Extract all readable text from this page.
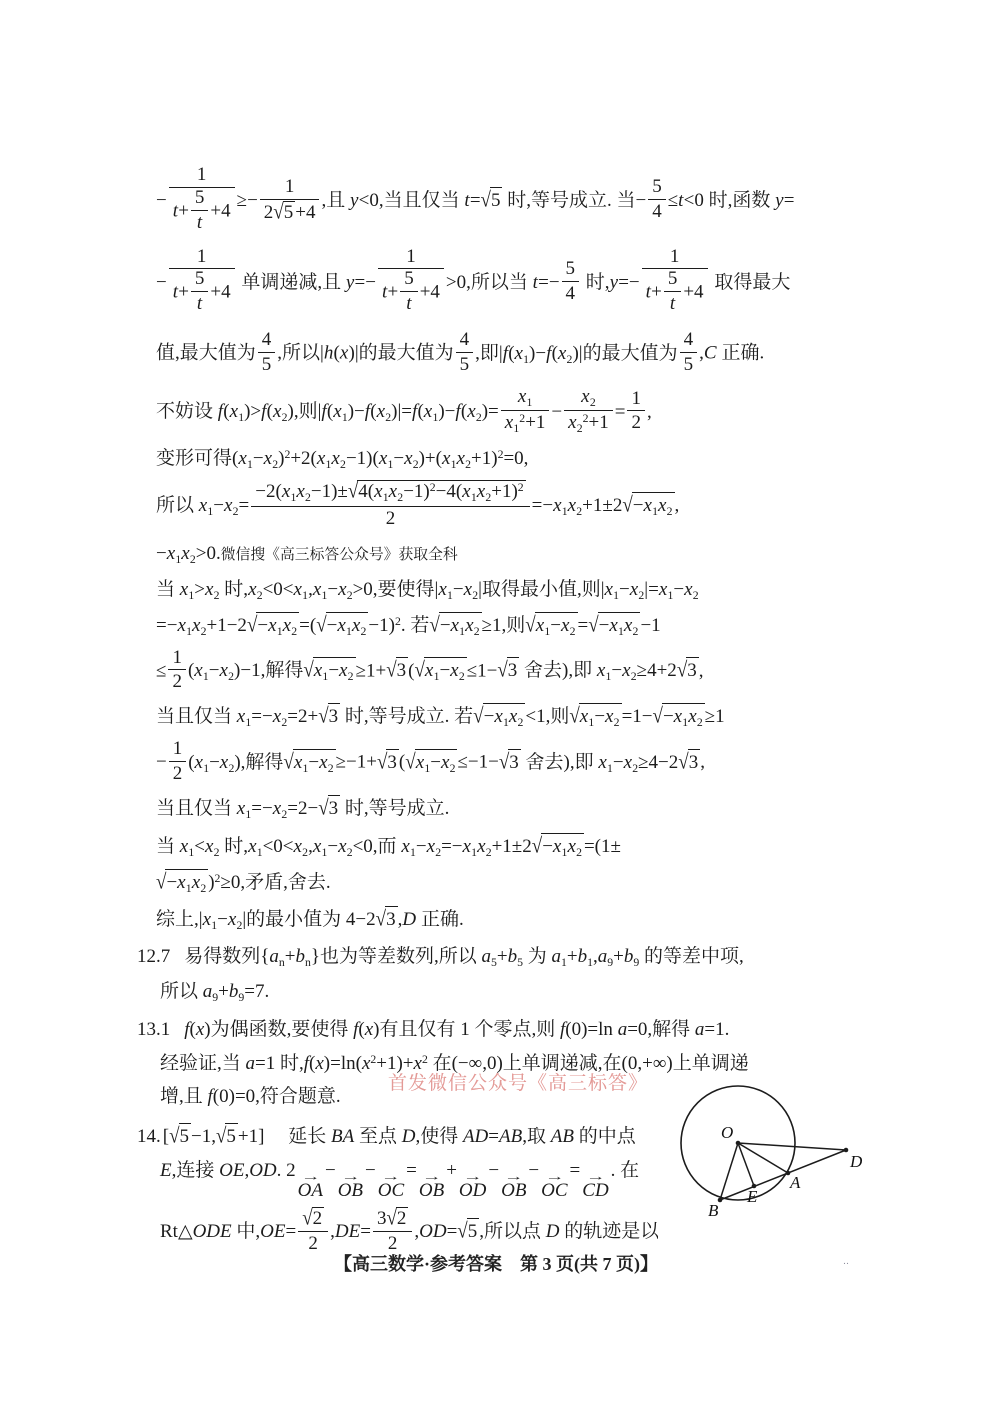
− $\frac{1}{t+ \frac{5}{t} +4} \ge- \frac{1}{2√5 +4}$ ,且 y<0,当且仅当 t=√5 时,等号成立. 当− $\frac{5}{4} \le t<0$ 时,函数 y=
− $\frac{1}{t+ \frac{5}{t} +4}$ 单调递减,且 $y=- \frac{1}{t+ \frac{5}{t} +4} >0$,所以当 $t=- \frac{5}{4}$ 时$,y=- \frac{1}{t+ \frac{5}{t} +4}$ 取得最大
值,最大值为 $\frac{4}{5}$ ,所以|h(x)|的最大值为 $\frac{4}{5}$ ,即$|f(x_1)-f(x_2)|$的最大值为 $\frac{4}{5} ,C$ 正确.
不妨设 $f(x_1)>f(x_2)$,则$|f(x_1)-f(x_2)|=f(x_1)-f(x_2)= \frac{x_1}{x_1^2+1} - \frac{x_2}{x_2^2+1} = \frac{1}{2}$ ,
变形可得$(x_1-x_2)^2+2(x_1x_2-1)(x_1-x_2)+(x_1x_2+1)^2=0$,
所以 $x_1-x_2= \frac{-2(x_1x_2-1)\pm√4(x_1x_2-1)^2-4(x_1x_2+1)^2}{2} =-x_1x_2+1\pm 2√-x_1x_2$ ,
$-x_1x_2>0$.微信搜《高三标答公众号》获取全科
当 $x_1>x_2$ 时$,x_2<0<x_1,x_1-x_2>0$,要使得$|x_1-x_2|$取得最小值,则$|x_1-x_2|=x_1-x_2$
$=-x_1x_2+1-2√-x_1x_2 =(√-x_1x_2 -1)^2$. 若$√-x_1x_2 \ge 1$,则$√x_1-x_2 =√-x_1x_2 -1$
≤ $\frac{1}{2} (x_1-x_2)-1$,解得$√x_1-x_2 \ge 1+√3$ ($√x_1-x_2 \le 1-√3$ 舍去),即 $x_1-x_2\ge 4+2√3$ ,
当且仅当 $x_1=-x_2=2+√3$ 时,等号成立. 若$√-x_1x_2 <1$,则$√x_1-x_2 =1-√-x_1x_2 \ge 1$
− $\frac{1}{2} (x_1-x_2)$,解得$√x_1-x_2 \ge-1+√3$ ($√x_1-x_2 \le-1-√3$ 舍去),即 $x_1-x_2\ge 4-2√3$ ,
当且仅当 $x_1=-x_2=2-√3$ 时,等号成立.
当 $x_1<x_2$ 时$,x_1<0<x_2,x_1-x_2<0$,而 $x_1-x_2=-x_1x_2+1\pm 2√-x_1x_2 =(1\pm$
$√-x_1x_2$ )$^2$≥0,矛盾,舍去.
综上$,|x_1-x_2|$的最小值为 4−2√3 ,D 正确.
12.7 易得数列$\{a_n+b_n\}$也为等差数列,所以 $a_5+b_5$ 为 $a_1+b_1,a_9+b_9$ 的等差中项,
所以 $a_9+b_9=7$.
13.1 f(x)为偶函数,要使得 f(x)有且仅有 1 个零点,则 f(0)=ln a=0,解得 a=1.
经验证,当 a=1 时$,f(x)=\ln(x^2+1)+x^2$ 在(−∞,0)上单调递减,在(0,+∞)上单调递
增,且 f(0)=0,符合题意.
14. [√5 −1,√5 +1]　 延长 BA 至点 D,使得 AD=AB,取 AB 的中点
E,连接 OE,OD. 2 →
OA
− →
OB
− →
OC
= →
OB
+ →
OD
− →
OB
− →
OC
= →
CD
. 在
Rt△ODE 中$,OE= \frac{√2}{2} ,DE= \frac{3√2}{2} ,OD=√5$ ,所以点 D 的轨迹是以
首发微信公众号《高三标答》
O
B
E
A
D
【高三数学·参考答案　第 3 页(共 7 页)】	‥
